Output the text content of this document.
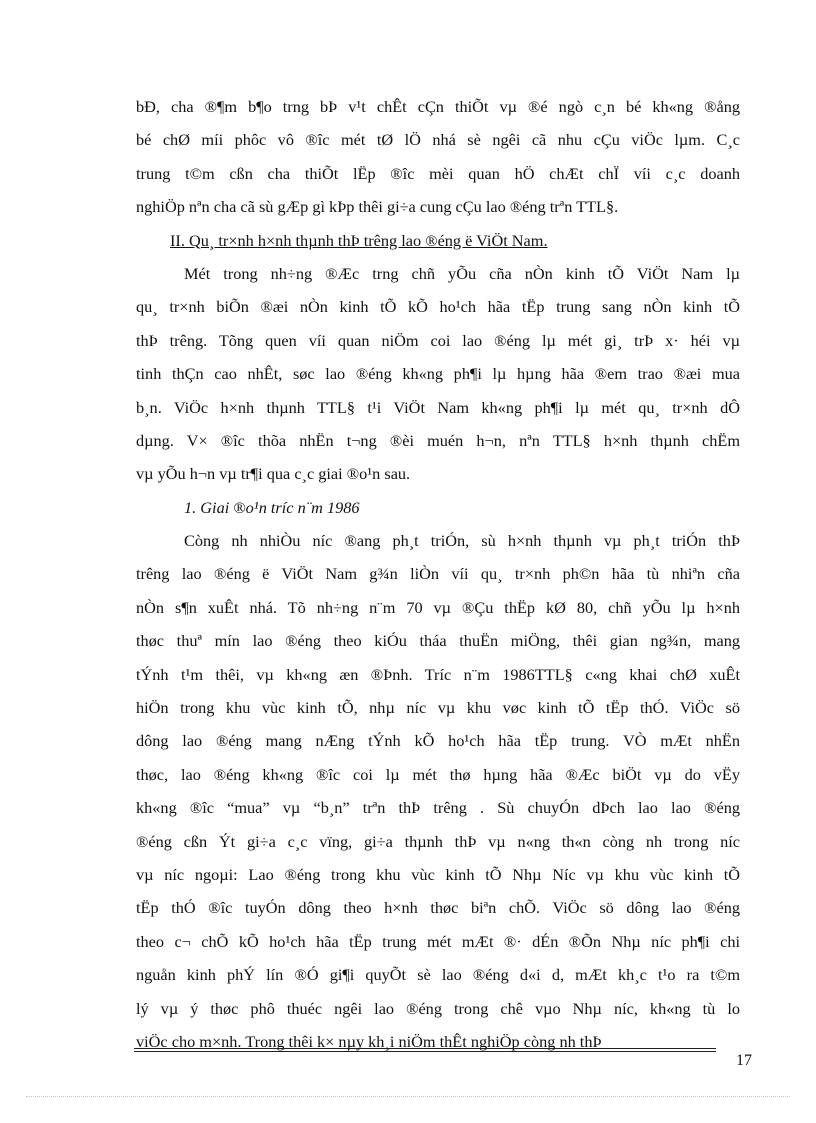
bÐ, cha ®¶m b¶o trng bÞ v¹t chÊt cÇn thiÕt vµ ®é ngò c¸n bé kh«ng ®ång
bé chØ míi phôc vô ®îc mét tØ lÖ nhá sè ngêi cã nhu cÇu viÖc lµm. C¸c
trung t©m cßn cha thiÕt lËp ®îc mèi quan hÖ chÆt chÏ víi c¸c doanh
nghiÖp nªn cha cã sù gÆp gì kÞp thêi gi÷a cung cÇu lao ®éng trªn TTL§.
II. Qu¸ tr×nh h×nh thµnh thÞ trêng lao ®éng ë ViÖt Nam.
Mét trong nh÷ng ®Æc trng chñ yÕu cña nÒn kinh tÕ ViÖt Nam lµ
qu¸ tr×nh biÕn ®æi nÒn kinh tÕ kÕ ho¹ch hãa tËp trung sang nÒn kinh tÕ
thÞ trêng. Tõng quen víi quan niÖm coi lao ®éng lµ mét gi¸ trÞ x· héi vµ
tinh thÇn cao nhÊt, søc lao ®éng kh«ng ph¶i lµ hµng hãa ®em trao ®æi mua
b¸n. ViÖc h×nh thµnh TTL§ t¹i ViÖt Nam kh«ng ph¶i lµ mét qu¸ tr×nh dÔ
dµng. V× ®îc thõa nhËn t¬ng ®èi muén h¬n, nªn TTL§ h×nh thµnh chËm
vµ yÕu h¬n vµ tr¶i qua c¸c giai ®o¹n sau.
1. Giai ®o¹n tríc n¨m 1986
Còng nh nhiÒu níc ®ang ph¸t triÓn, sù h×nh thµnh vµ ph¸t triÓn thÞ
trêng lao ®éng ë ViÖt Nam g¾n liÒn víi qu¸ tr×nh ph©n hãa tù nhiªn cña
nÒn s¶n xuÊt nhá. Tõ nh÷ng n¨m 70 vµ ®Çu thËp kØ 80, chñ yÕu lµ h×nh
thøc thuª mín lao ®éng theo kiÓu tháa thuËn miÖng, thêi gian ng¾n, mang
tÝnh t¹m thêi, vµ kh«ng æn ®Þnh. Tríc n¨m 1986TTL§ c«ng khai chØ xuÊt
hiÖn trong khu vùc kinh tÕ, nhµ níc vµ khu vøc kinh tÕ tËp thÓ. ViÖc sö
dông lao ®éng mang nÆng tÝnh kÕ ho¹ch hãa tËp trung. VÒ mÆt nhËn
thøc, lao ®éng kh«ng ®îc coi lµ mét thø hµng hãa ®Æc biÖt vµ do vËy
kh«ng ®îc “mua” vµ “b¸n” trªn thÞ trêng . Sù chuyÓn dÞch lao lao ®éng
®éng cßn Ýt gi÷a c¸c vïng, gi÷a thµnh thÞ vµ n«ng th«n còng nh trong níc
vµ níc ngoµi: Lao ®éng trong khu vùc kinh tÕ Nhµ Níc vµ khu vùc kinh tÕ
tËp thÓ ®îc tuyÓn dông theo h×nh thøc biªn chÕ. ViÖc sö dông lao ®éng
theo c¬ chÕ kÕ ho¹ch hãa tËp trung mét mÆt ®· dÉn ®Õn Nhµ níc ph¶i chi
nguån kinh phÝ lín ®Ó gi¶i quyÕt sè lao ®éng d«i d, mÆt kh¸c t¹o ra t©m
lý vµ ý thøc phô thuéc ngêi lao ®éng trong chê vµo Nhµ níc, kh«ng tù lo
viÖc cho m×nh. Trong thêi k× nµy kh¸i niÖm thÊt nghiÖp còng nh thÞ
17
